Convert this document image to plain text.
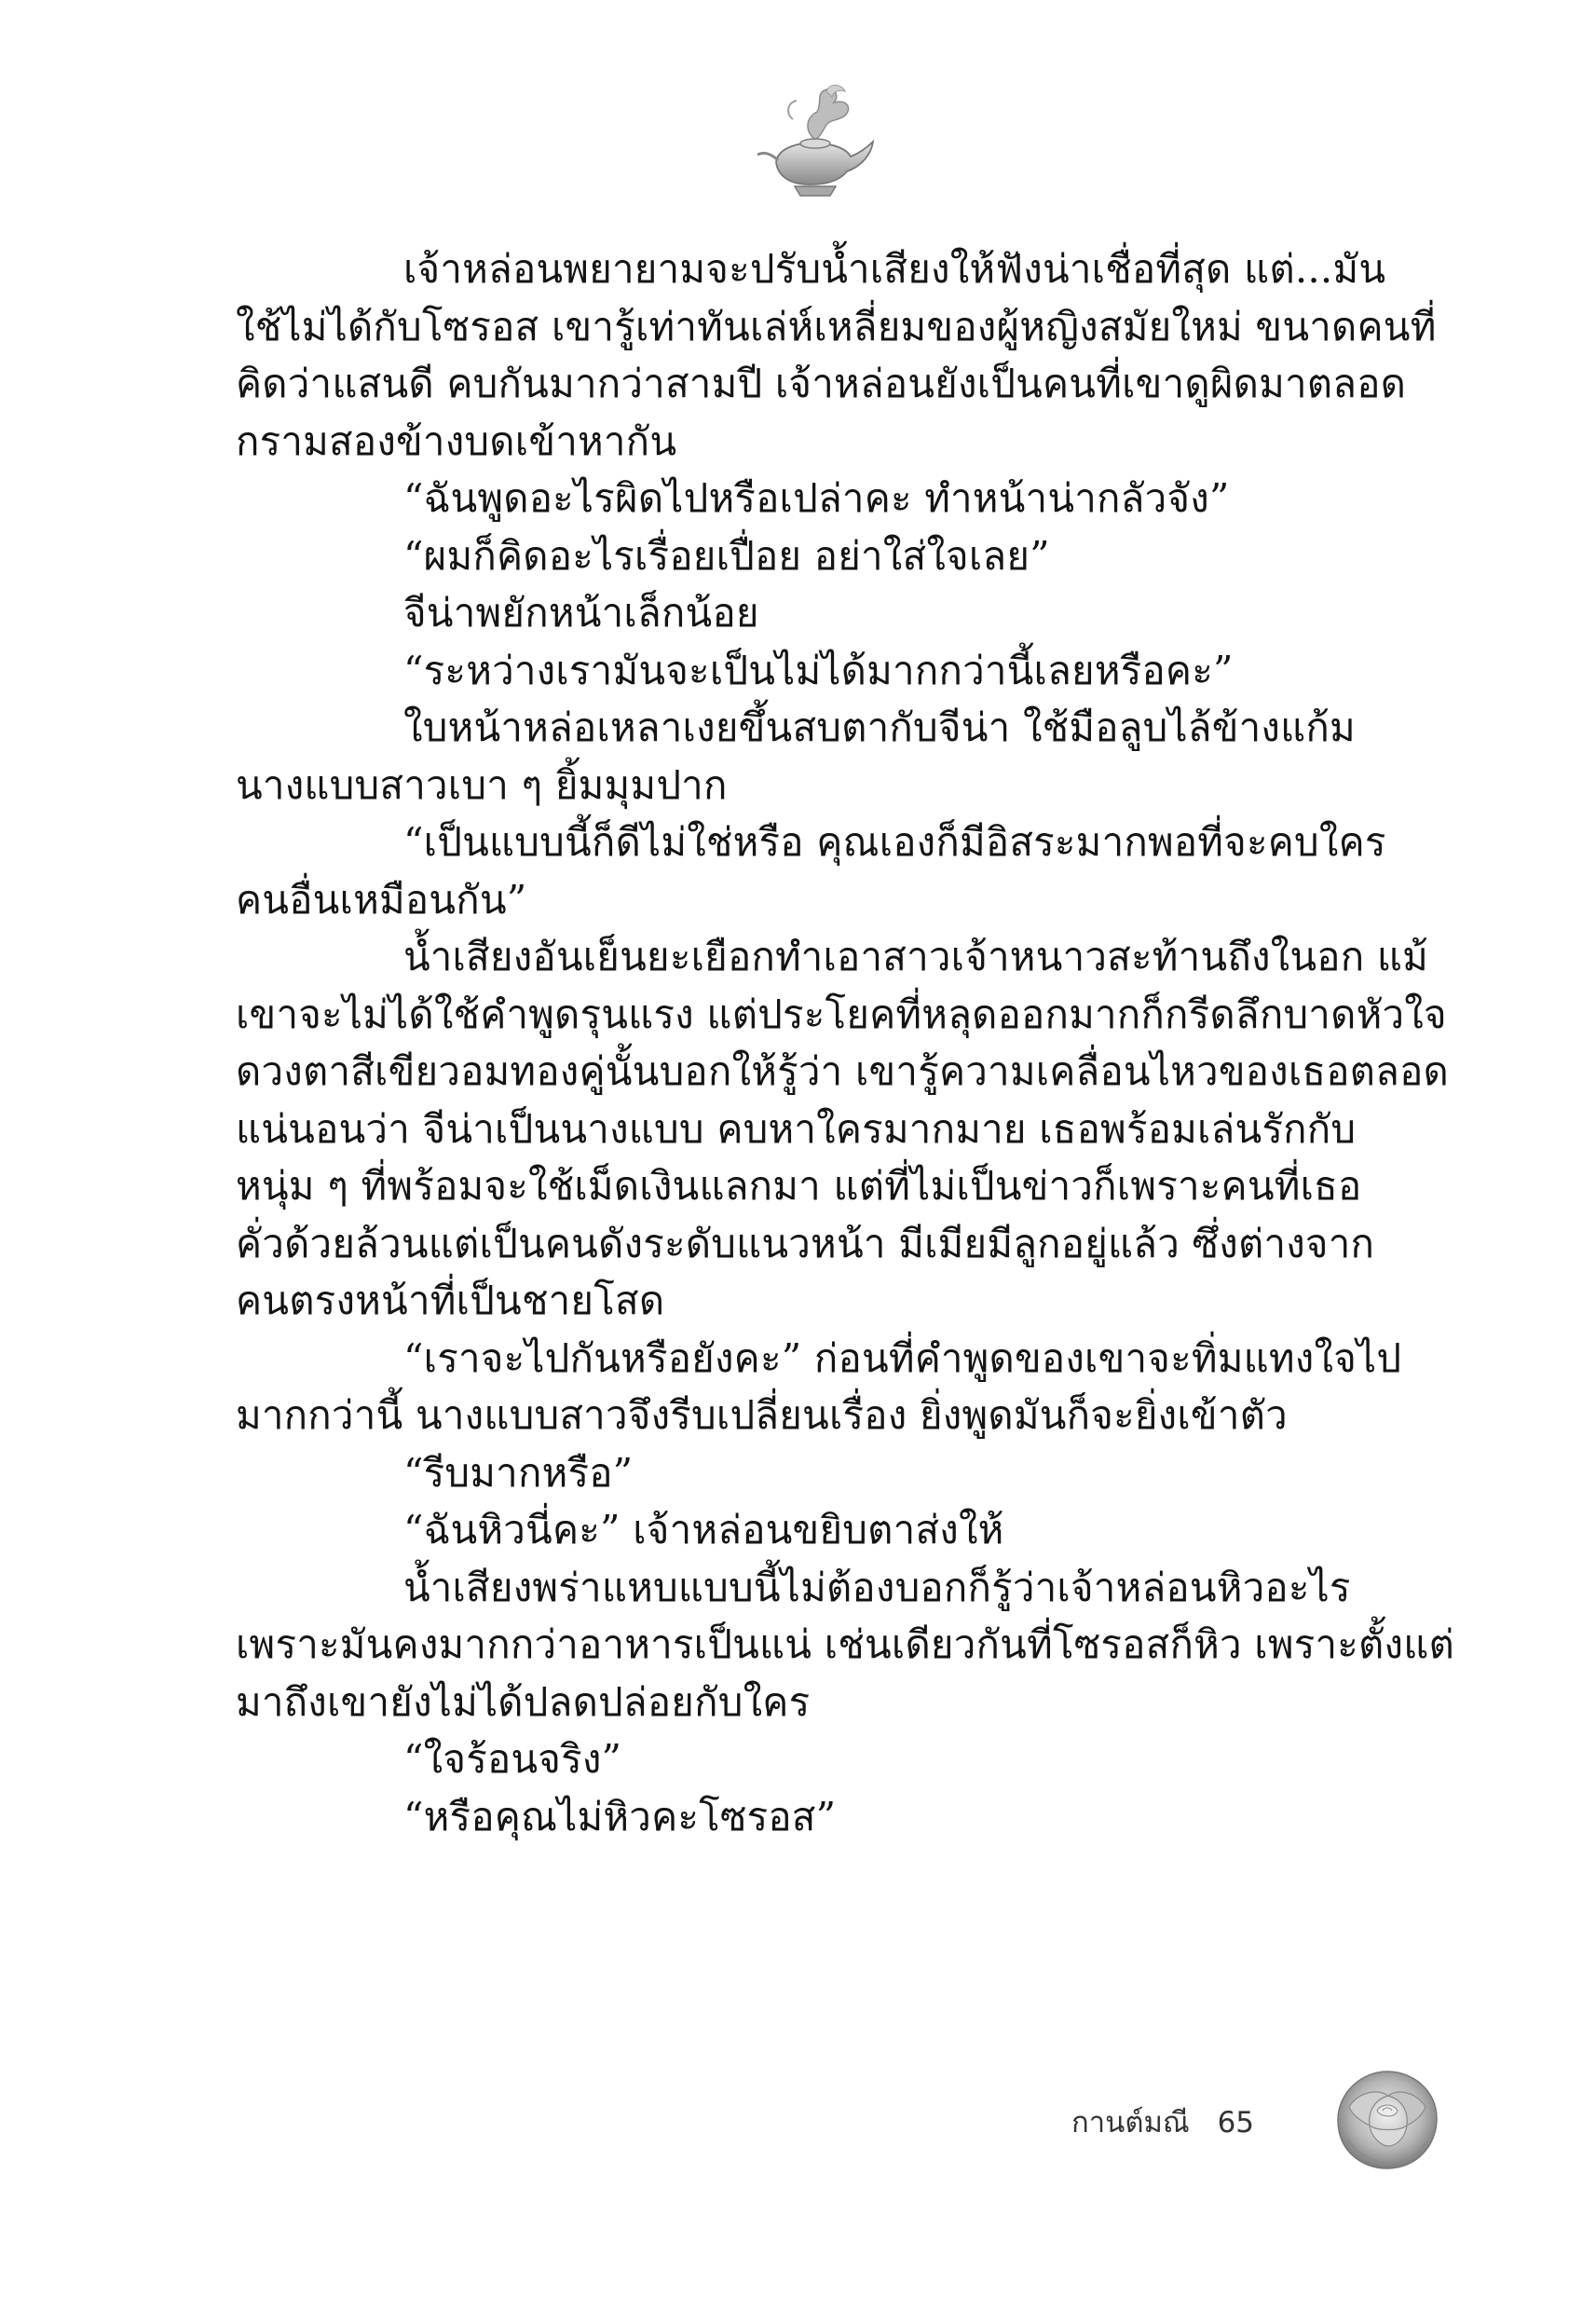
เจ้าหล่อนพยายามจะปรับน้ำเสียงให้ฟังน่าเชื่อที่สุด แต่...มัน
ใช้ไม่ได้กับโซรอส เขารู้เท่าทันเล่ห์เหลี่ยมของผู้หญิงสมัยใหม่ ขนาดคนที่
คิดว่าแสนดี คบกันมากว่าสามปี เจ้าหล่อนยังเป็นคนที่เขาดูผิดมาตลอด
กรามสองข้างบดเข้าหากัน
“ฉันพูดอะไรผิดไปหรือเปล่าคะ ทำหน้าน่ากลัวจัง”
“ผมก็คิดอะไรเรื่อยเปื่อย อย่าใส่ใจเลย”
จีน่าพยักหน้าเล็กน้อย
“ระหว่างเรามันจะเป็นไม่ได้มากกว่านี้เลยหรือคะ”
ใบหน้าหล่อเหลาเงยขึ้นสบตากับจีน่า ใช้มือลูบไล้ข้างแก้ม
นางแบบสาวเบา ๆ ยิ้มมุมปาก
“เป็นแบบนี้ก็ดีไม่ใช่หรือ คุณเองก็มีอิสระมากพอที่จะคบใคร
คนอื่นเหมือนกัน”
น้ำเสียงอันเย็นยะเยือกทำเอาสาวเจ้าหนาวสะท้านถึงในอก แม้
เขาจะไม่ได้ใช้คำพูดรุนแรง แต่ประโยคที่หลุดออกมากก็กรีดลึกบาดหัวใจ
ดวงตาสีเขียวอมทองคู่นั้นบอกให้รู้ว่า เขารู้ความเคลื่อนไหวของเธอตลอด
แน่นอนว่า จีน่าเป็นนางแบบ คบหาใครมากมาย เธอพร้อมเล่นรักกับ
หนุ่ม ๆ ที่พร้อมจะใช้เม็ดเงินแลกมา แต่ที่ไม่เป็นข่าวก็เพราะคนที่เธอ
คั่วด้วยล้วนแต่เป็นคนดังระดับแนวหน้า มีเมียมีลูกอยู่แล้ว ซึ่งต่างจาก
คนตรงหน้าที่เป็นชายโสด
“เราจะไปกันหรือยังคะ” ก่อนที่คำพูดของเขาจะทิ่มแทงใจไป
มากกว่านี้ นางแบบสาวจึงรีบเปลี่ยนเรื่อง ยิ่งพูดมันก็จะยิ่งเข้าตัว
“รีบมากหรือ”
“ฉันหิวนี่คะ” เจ้าหล่อนขยิบตาส่งให้
น้ำเสียงพร่าแหบแบบนี้ไม่ต้องบอกก็รู้ว่าเจ้าหล่อนหิวอะไร
เพราะมันคงมากกว่าอาหารเป็นแน่ เช่นเดียวกันที่โซรอสก็หิว เพราะตั้งแต่
มาถึงเขายังไม่ได้ปลดปล่อยกับใคร
“ใจร้อนจริง”
“หรือคุณไม่หิวคะโซรอส”
กานต์มณี 65
